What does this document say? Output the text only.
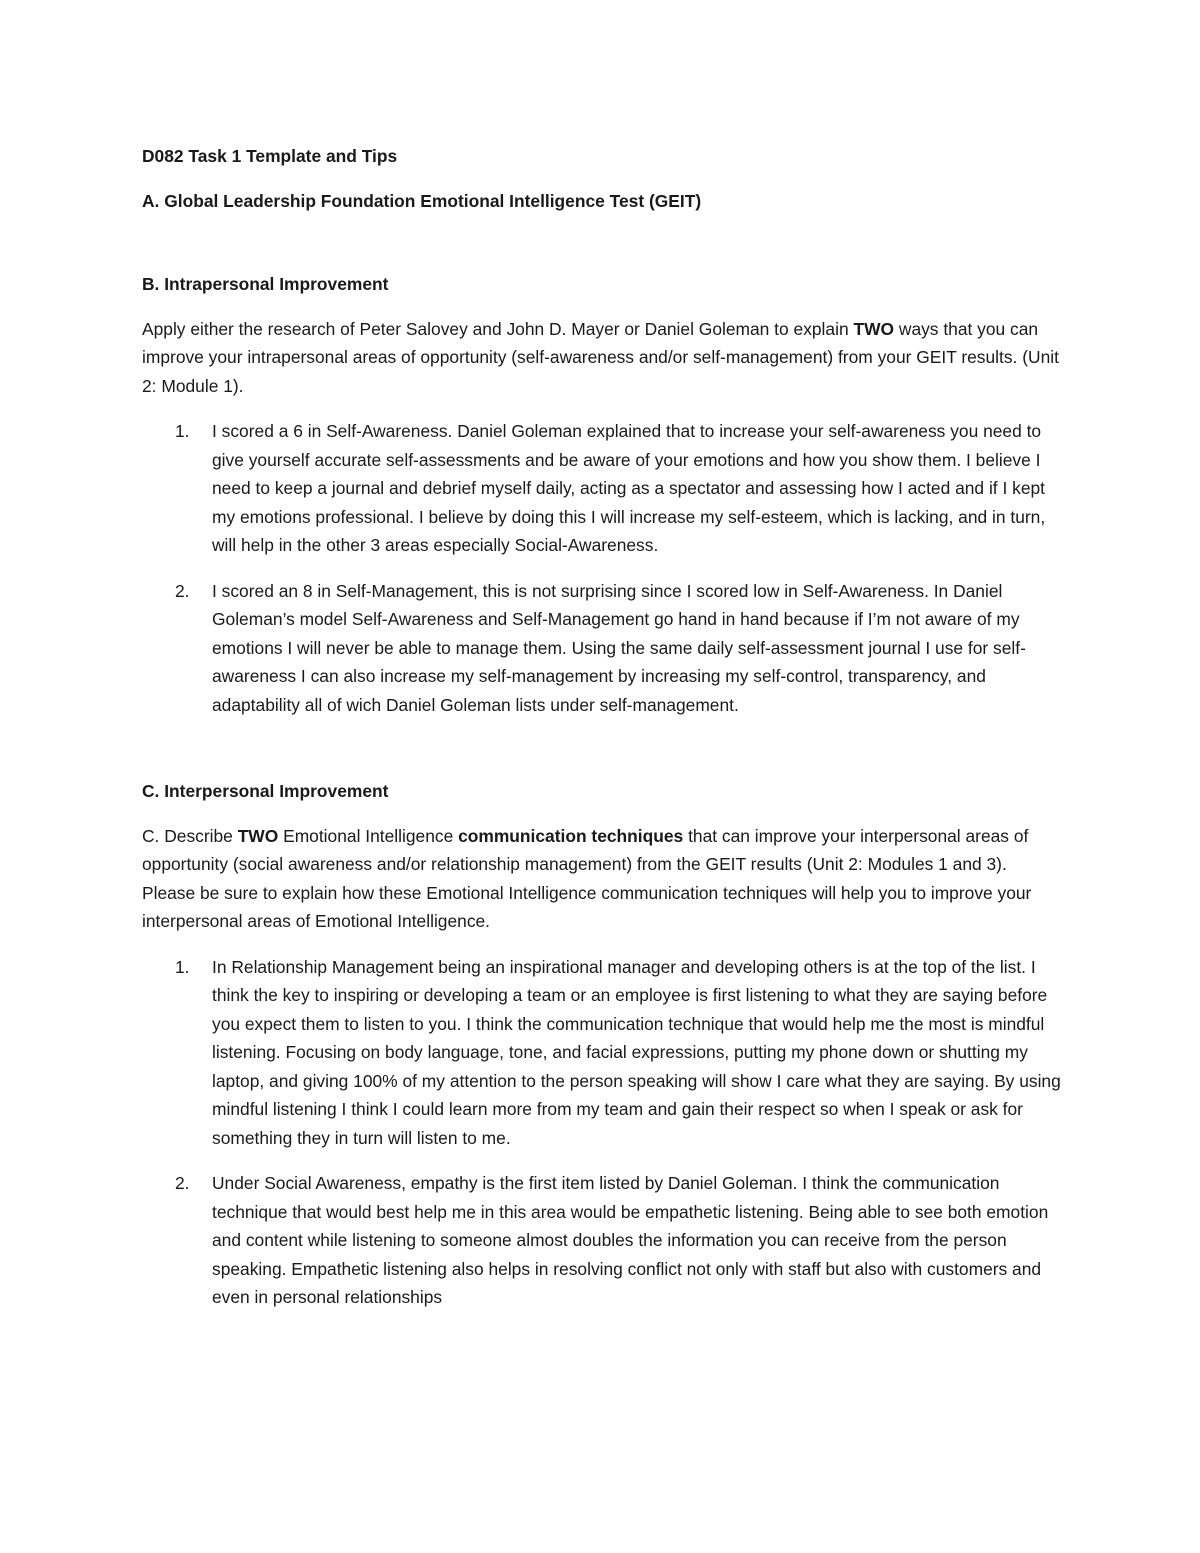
D082 Task 1 Template and Tips

A. Global Leadership Foundation Emotional Intelligence Test (GEIT)

B. Intrapersonal Improvement

Apply either the research of Peter Salovey and John D. Mayer or Daniel Goleman to explain TWO ways that you can improve your intrapersonal areas of opportunity (self-awareness and/or self-management) from your GEIT results. (Unit 2: Module 1).

1. I scored a 6 in Self-Awareness. Daniel Goleman explained that to increase your self-awareness you need to give yourself accurate self-assessments and be aware of your emotions and how you show them. I believe I need to keep a journal and debrief myself daily, acting as a spectator and assessing how I acted and if I kept my emotions professional. I believe by doing this I will increase my self-esteem, which is lacking, and in turn, will help in the other 3 areas especially Social-Awareness.
2. I scored an 8 in Self-Management, this is not surprising since I scored low in Self-Awareness. In Daniel Goleman’s model Self-Awareness and Self-Management go hand in hand because if I’m not aware of my emotions I will never be able to manage them. Using the same daily self-assessment journal I use for self-awareness I can also increase my self-management by increasing my self-control, transparency, and adaptability all of wich Daniel Goleman lists under self-management.

C. Interpersonal Improvement

C. Describe TWO Emotional Intelligence communication techniques that can improve your interpersonal areas of opportunity (social awareness and/or relationship management) from the GEIT results (Unit 2: Modules 1 and 3). Please be sure to explain how these Emotional Intelligence communication techniques will help you to improve your interpersonal areas of Emotional Intelligence.

1. In Relationship Management being an inspirational manager and developing others is at the top of the list. I think the key to inspiring or developing a team or an employee is first listening to what they are saying before you expect them to listen to you. I think the communication technique that would help me the most is mindful listening. Focusing on body language, tone, and facial expressions, putting my phone down or shutting my laptop, and giving 100% of my attention to the person speaking will show I care what they are saying. By using mindful listening I think I could learn more from my team and gain their respect so when I speak or ask for something they in turn will listen to me.
2. Under Social Awareness, empathy is the first item listed by Daniel Goleman. I think the communication technique that would best help me in this area would be empathetic listening. Being able to see both emotion and content while listening to someone almost doubles the information you can receive from the person speaking. Empathetic listening also helps in resolving conflict not only with staff but also with customers and even in personal relationships
